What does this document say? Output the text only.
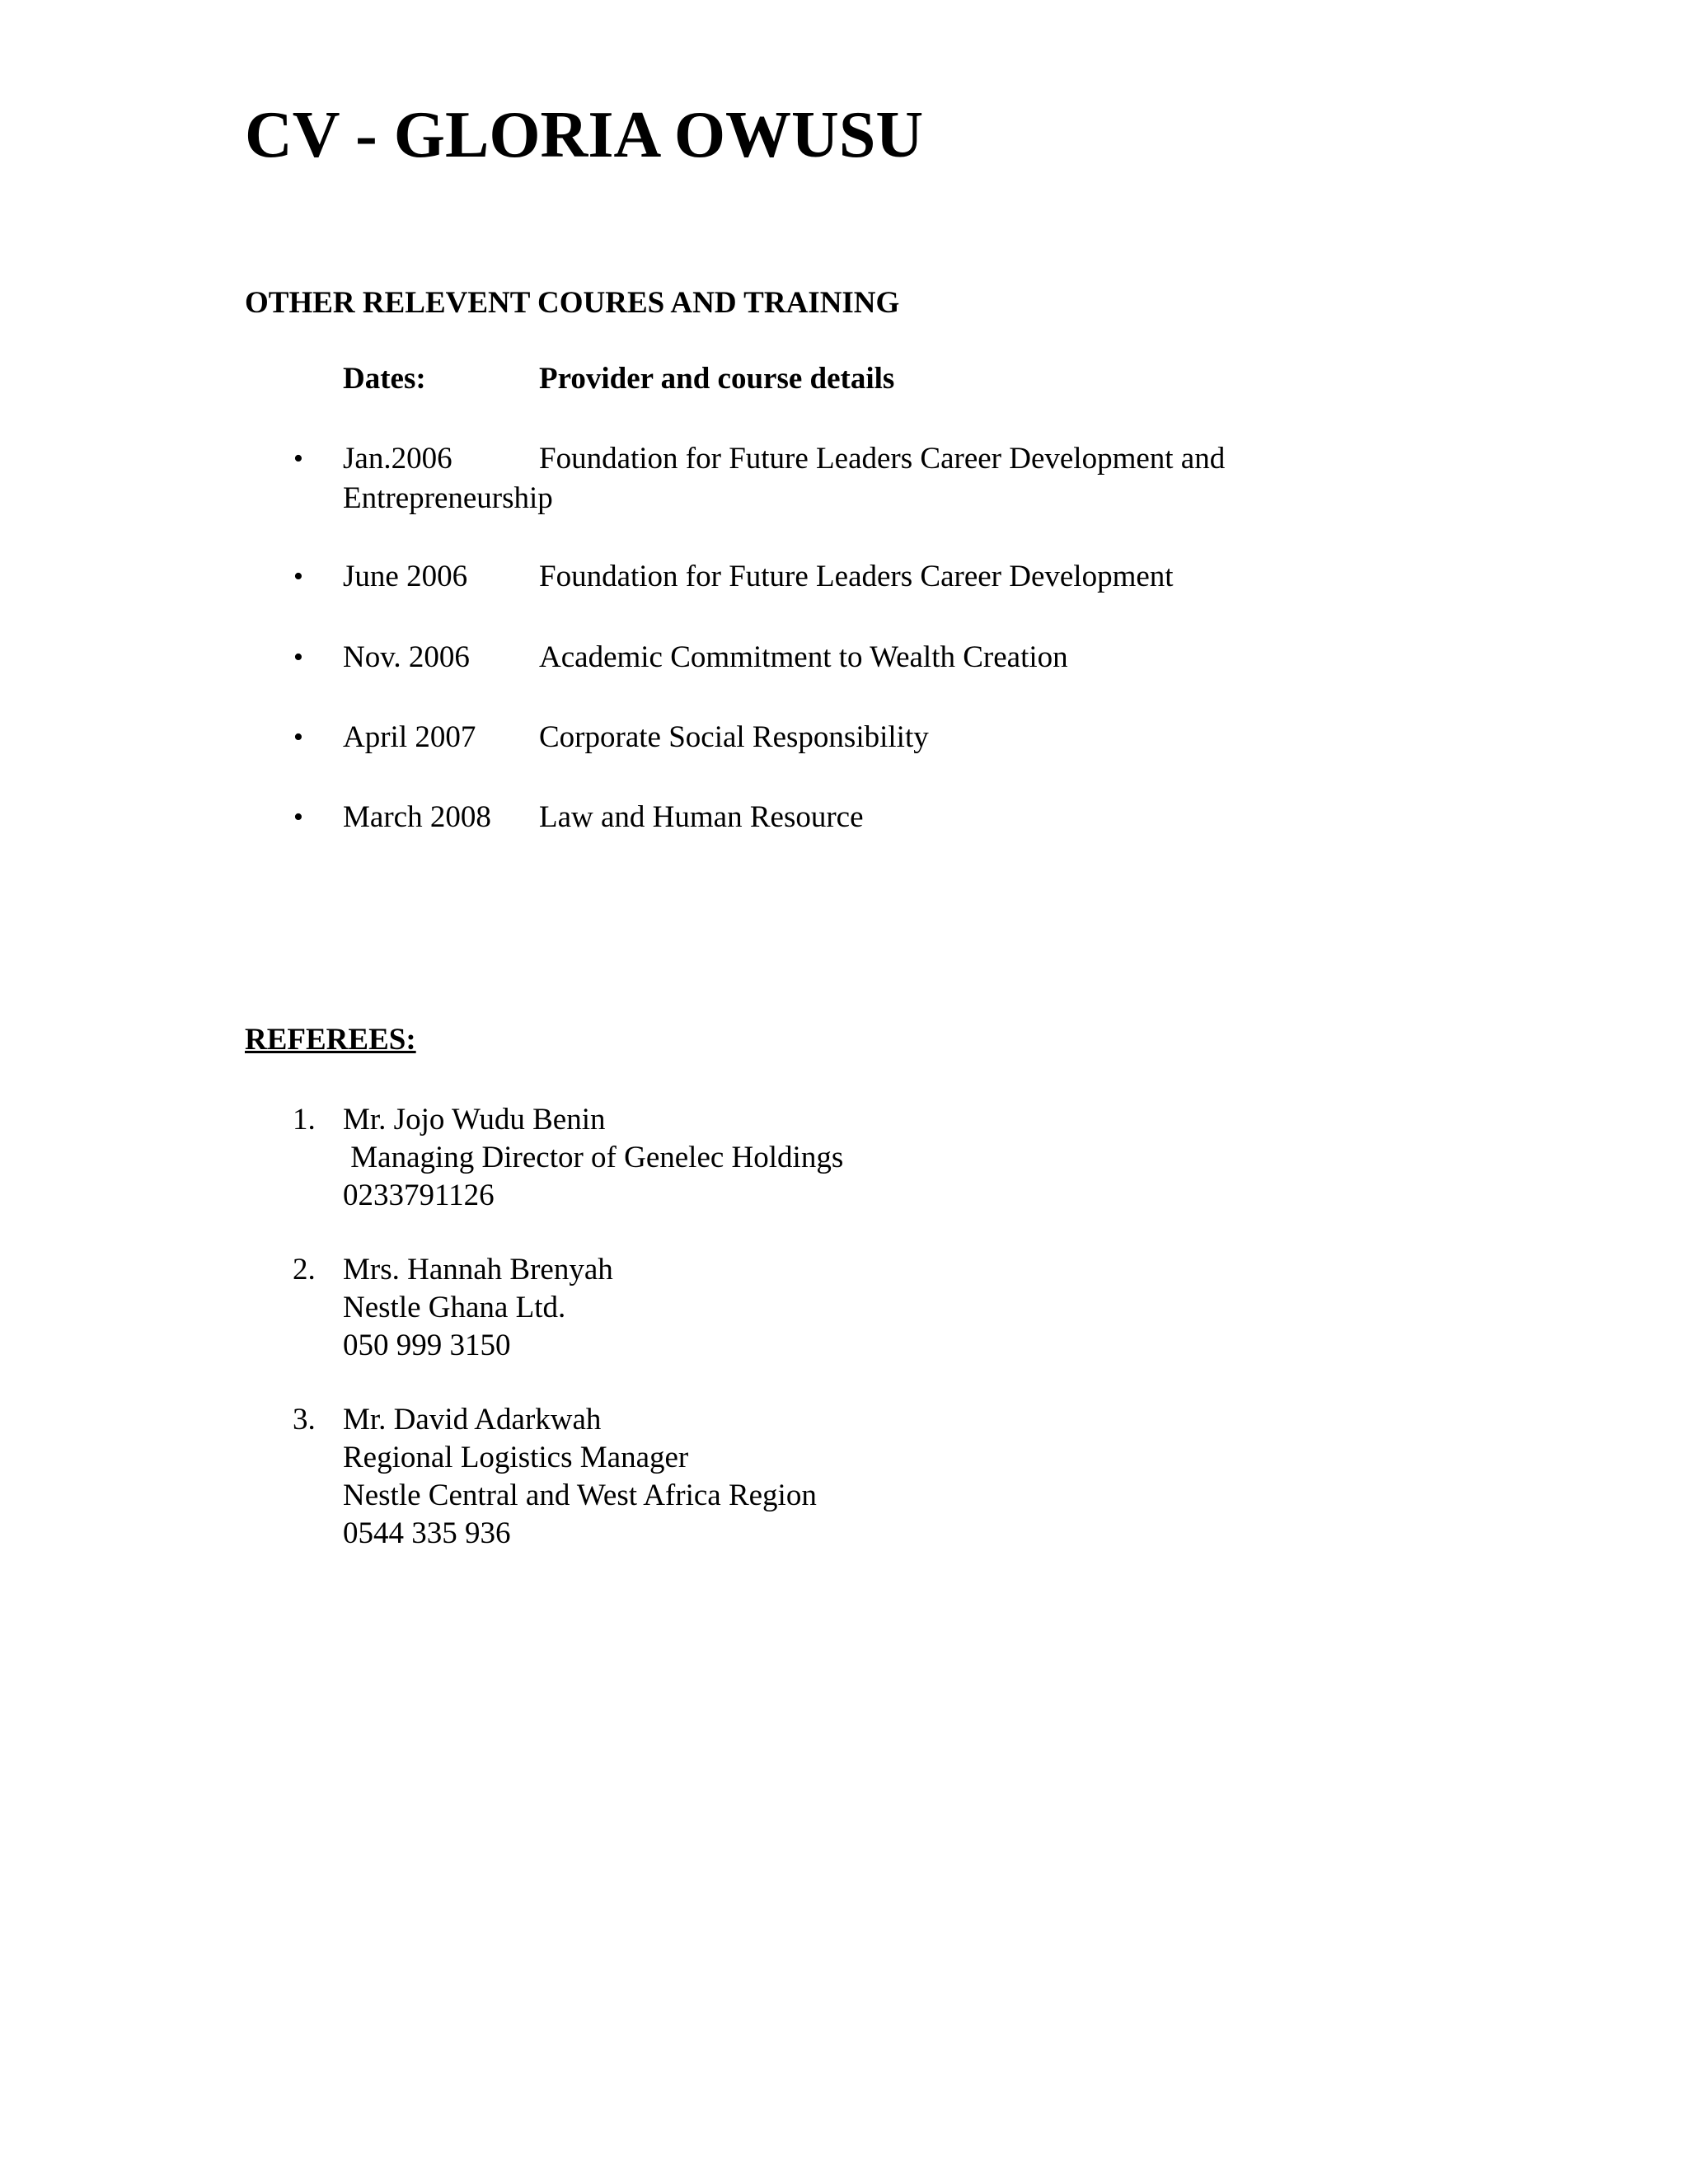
CV - GLORIA OWUSU
OTHER RELEVENT COURES AND TRAINING
Dates:	Provider and course details
• Jan.2006	Foundation for Future Leaders Career Development and Entrepreneurship
• June 2006	Foundation for Future Leaders Career Development
• Nov. 2006	Academic Commitment to Wealth Creation
• April 2007	Corporate Social Responsibility
• March 2008	Law and Human Resource
REFEREES:
1. Mr. Jojo Wudu Benin
Managing Director of Genelec Holdings
0233791126
2. Mrs. Hannah Brenyah
Nestle Ghana Ltd.
050 999 3150
3. Mr. David Adarkwah
Regional Logistics Manager
Nestle Central and West Africa Region
0544 335 936
